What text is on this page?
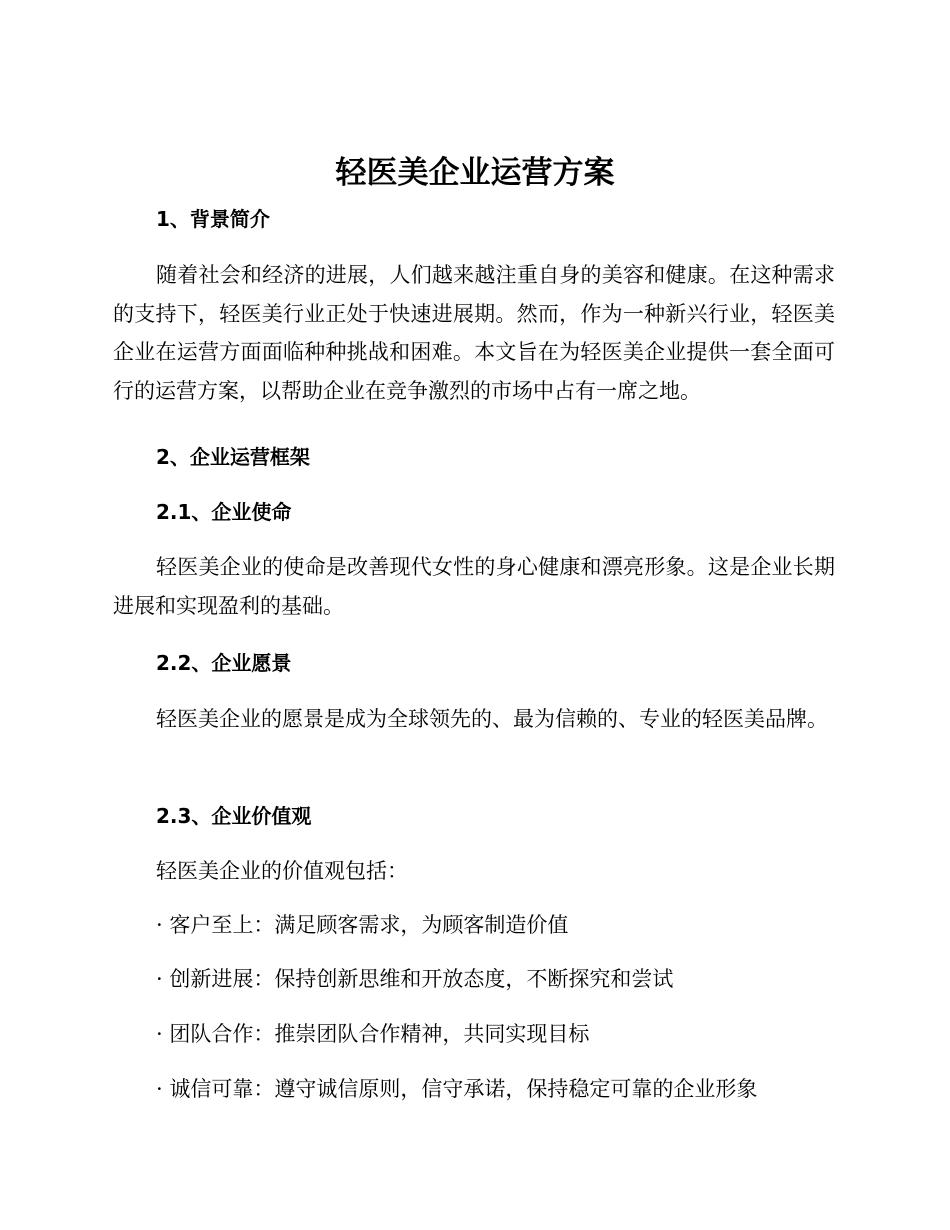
轻医美企业运营方案
1、背景简介

随着社会和经济的进展，人们越来越注重自身的美容和健康。在这种需求的支持下，轻医美行业正处于快速进展期。然而，作为一种新兴行业，轻医美企业在运营方面面临种种挑战和困难。本文旨在为轻医美企业提供一套全面可行的运营方案，以帮助企业在竞争激烈的市场中占有一席之地。

2、企业运营框架
2.1、企业使命

轻医美企业的使命是改善现代女性的身心健康和漂亮形象。这是企业长期进展和实现盈利的基础。

2.2、企业愿景

轻医美企业的愿景是成为全球领先的、最为信赖的、专业的轻医美品牌。

2.3、企业价值观

轻医美企业的价值观包括：

· 客户至上：满足顾客需求，为顾客制造价值

· 创新进展：保持创新思维和开放态度，不断探究和尝试

· 团队合作：推崇团队合作精神，共同实现目标

· 诚信可靠：遵守诚信原则，信守承诺，保持稳定可靠的企业形象
